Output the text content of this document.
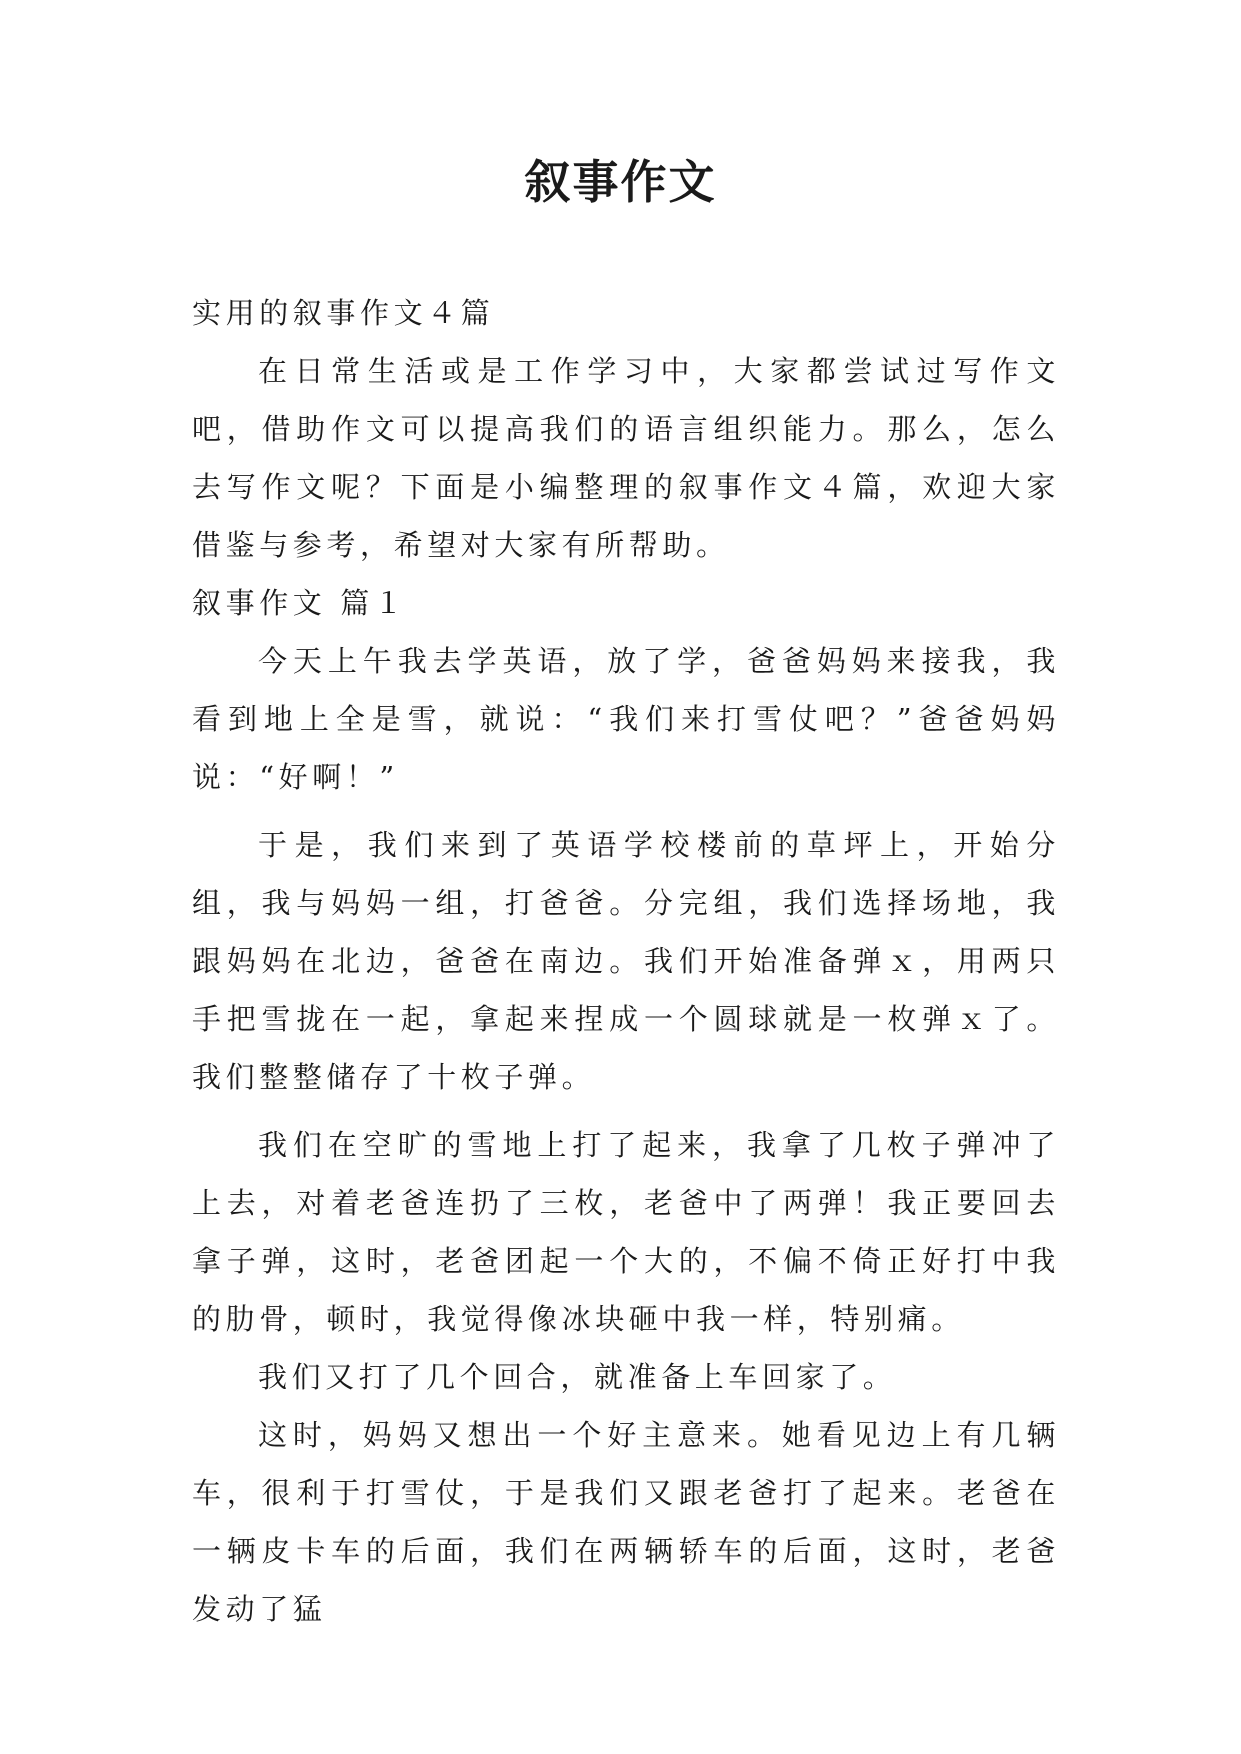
叙事作文

实用的叙事作文４篇

在日常生活或是工作学习中，大家都尝试过写作文吧，借助作文可以提高我们的语言组织能力。那么，怎么去写作文呢？下面是小编整理的叙事作文４篇，欢迎大家借鉴与参考，希望对大家有所帮助。

叙事作文 篇１

今天上午我去学英语，放了学，爸爸妈妈来接我，我看到地上全是雪，就说：“我们来打雪仗吧？”爸爸妈妈说：“好啊！”

于是，我们来到了英语学校楼前的草坪上，开始分组，我与妈妈一组，打爸爸。分完组，我们选择场地，我跟妈妈在北边，爸爸在南边。我们开始准备弹ｘ，用两只手把雪拢在一起，拿起来捏成一个圆球就是一枚弹ｘ了。我们整整储存了十枚子弹。

我们在空旷的雪地上打了起来，我拿了几枚子弹冲了上去，对着老爸连扔了三枚，老爸中了两弹！我正要回去拿子弹，这时，老爸团起一个大的，不偏不倚正好打中我的肋骨，顿时，我觉得像冰块砸中我一样，特别痛。

我们又打了几个回合，就准备上车回家了。

这时，妈妈又想出一个好主意来。她看见边上有几辆车，很利于打雪仗，于是我们又跟老爸打了起来。老爸在一辆皮卡车的后面，我们在两辆轿车的后面，这时，老爸发动了猛
